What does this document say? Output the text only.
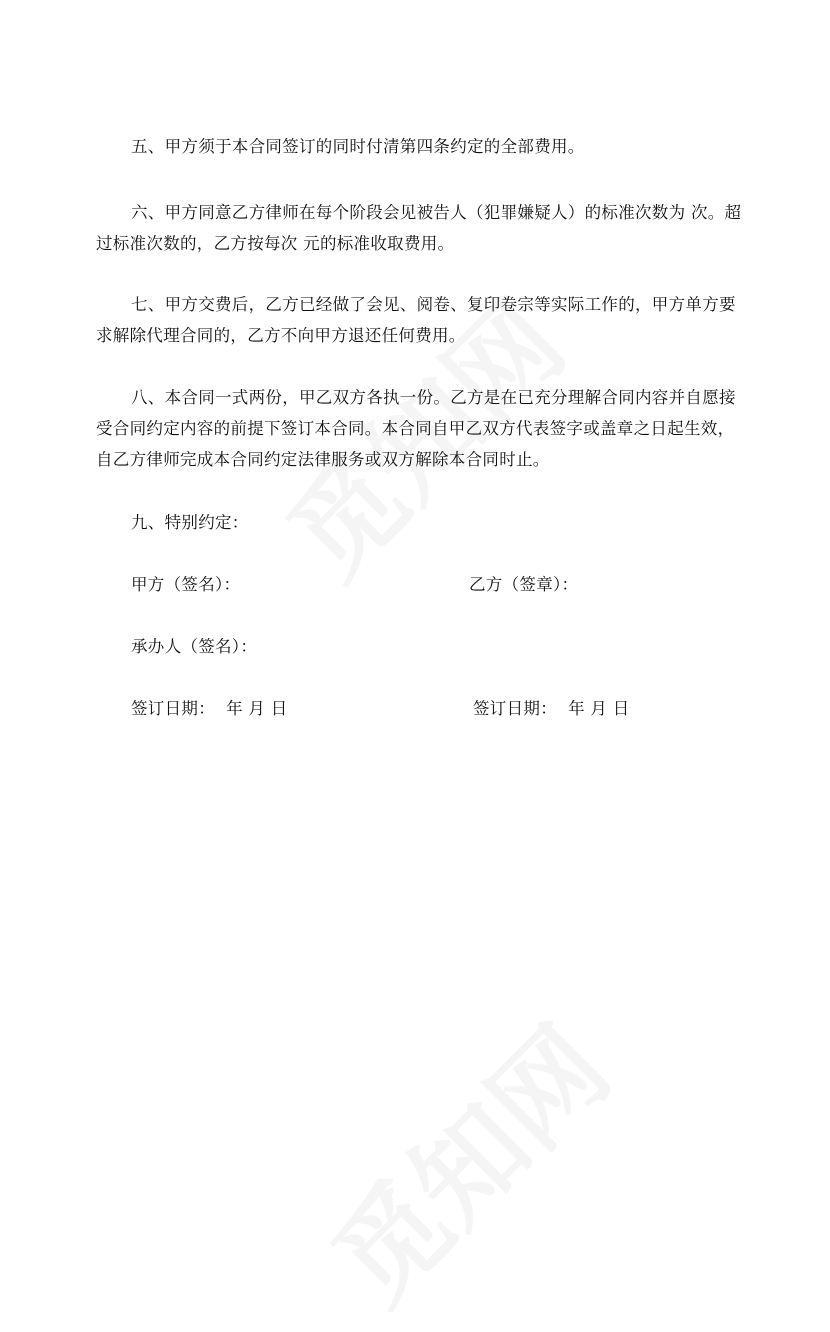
五、甲方须于本合同签订的同时付清第四条约定的全部费用。

六、甲方同意乙方律师在每个阶段会见被告人（犯罪嫌疑人）的标准次数为 次。超过标准次数的，乙方按每次 元的标准收取费用。

七、甲方交费后，乙方已经做了会见、阅卷、复印卷宗等实际工作的，甲方单方要求解除代理合同的，乙方不向甲方退还任何费用。

八、本合同一式两份，甲乙双方各执一份。乙方是在已充分理解合同内容并自愿接受合同约定内容的前提下签订本合同。本合同自甲乙双方代表签字或盖章之日起生效，自乙方律师完成本合同约定法律服务或双方解除本合同时止。

九、特别约定：

甲方（签名）：	乙方（签章）：
承办人（签名）：
签订日期：  年 月 日	签订日期：  年 月 日
